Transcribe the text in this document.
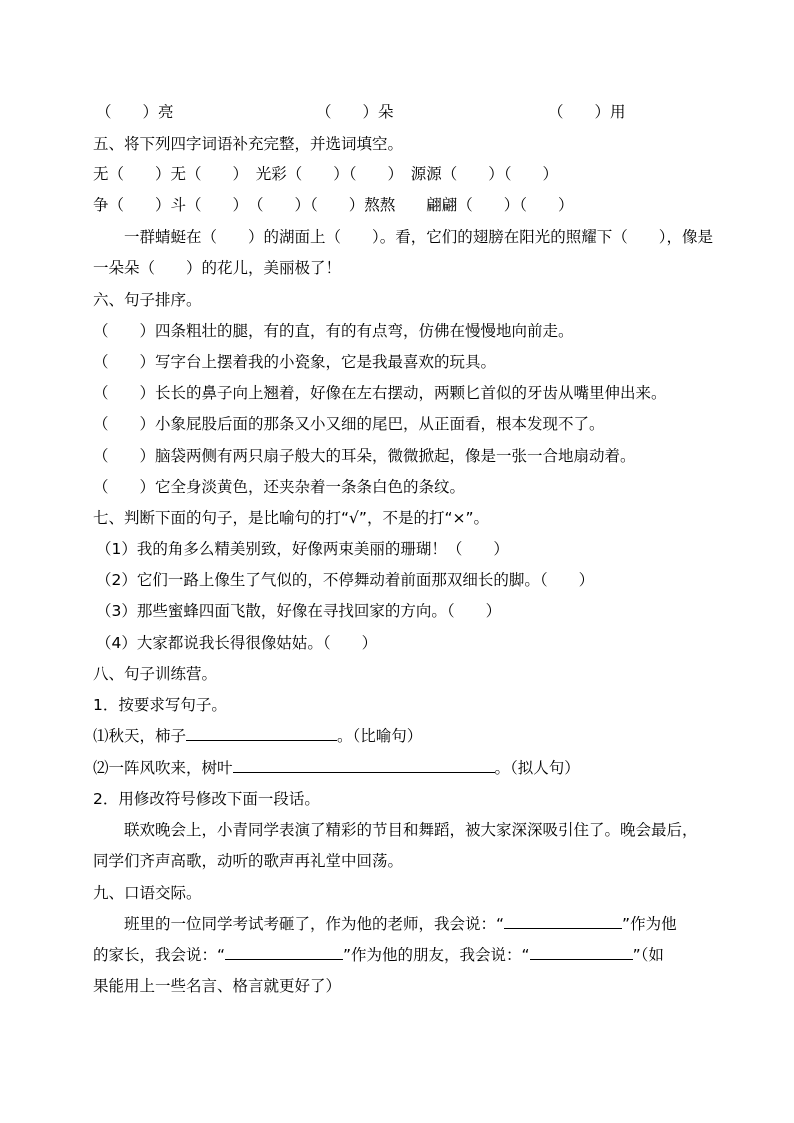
（　　）亮	（　　）朵	（　　）用
五、将下列四字词语补充完整，并选词填空。
无（　　）无（　　）　光彩（　　）（　　）　源源（　　）（　　）
争（　　）斗（　　）　（　　）（　　）熬熬　　翩翩（　　）（　　）
一群蜻蜓在（　　）的湖面上（　　）。看，它们的翅膀在阳光的照耀下（　　），像是
一朵朵（　　）的花儿，美丽极了！
六、句子排序。
（　　）四条粗壮的腿，有的直，有的有点弯，仿佛在慢慢地向前走。
（　　）写字台上摆着我的小瓷象，它是我最喜欢的玩具。
（　　）长长的鼻子向上翘着，好像在左右摆动，两颗匕首似的牙齿从嘴里伸出来。
（　　）小象屁股后面的那条又小又细的尾巴，从正面看，根本发现不了。
（　　）脑袋两侧有两只扇子般大的耳朵，微微掀起，像是一张一合地扇动着。
（　　）它全身淡黄色，还夹杂着一条条白色的条纹。
七、判断下面的句子，是比喻句的打“√”，不是的打“×”。
（1）我的角多么精美别致，好像两束美丽的珊瑚！（　　）
（2）它们一路上像生了气似的，不停舞动着前面那双细长的脚。（　　）
（3）那些蜜蜂四面飞散，好像在寻找回家的方向。（　　）
（4）大家都说我长得很像姑姑。（　　）
八、句子训练营。
1．按要求写句子。
⑴秋天，柿子	。（比喻句）
⑵一阵风吹来，树叶	。（拟人句）
2．用修改符号修改下面一段话。
联欢晚会上，小青同学表演了精彩的节目和舞蹈，被大家深深吸引住了。晚会最后，
同学们齐声高歌，动听的歌声再礼堂中回荡。
九、口语交际。
班里的一位同学考试考砸了，作为他的老师，我会说：“	”作为他
的家长，我会说：“	”作为他的朋友，我会说：“	”（如
果能用上一些名言、格言就更好了）
